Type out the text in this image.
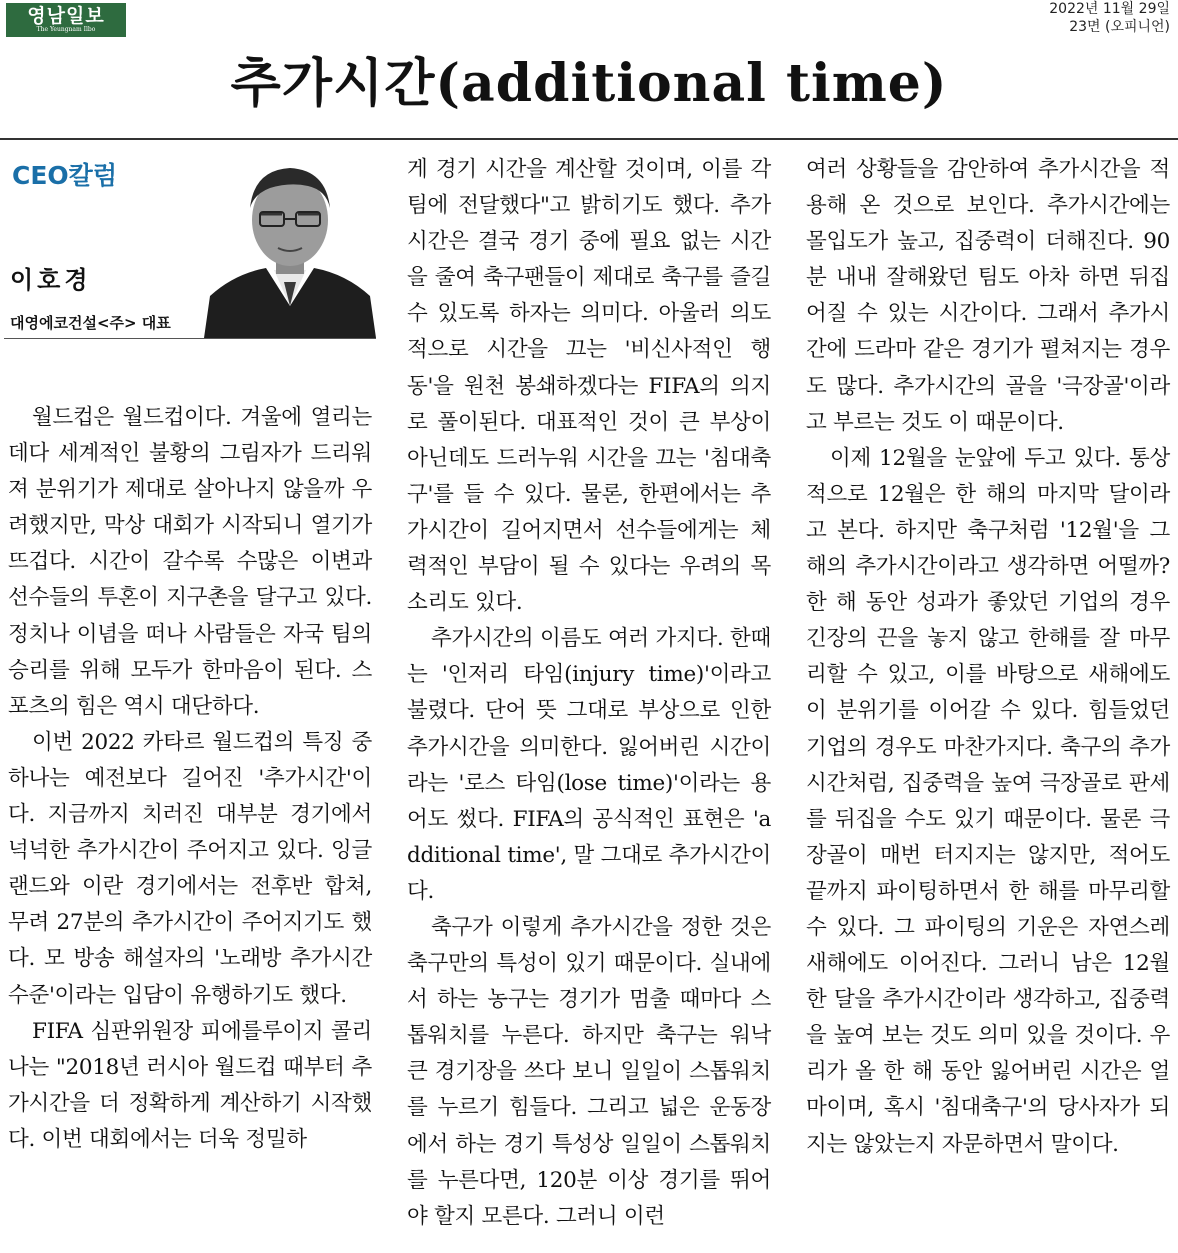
영남일보
The Yeungnam Ilbo
2022년 11월 29일
23면 (오피니언)
추가시간(additional time)
CEO칼럼
이호경
대영에코건설<주> 대표

월드컵은 월드컵이다. 겨울에 열리는 데다 세계적인 불황의 그림자가 드리워져 분위기가 제대로 살아나지 않을까 우려했지만, 막상 대회가 시작되니 열기가 뜨겁다. 시간이 갈수록 수많은 이변과 선수들의 투혼이 지구촌을 달구고 있다. 정치나 이념을 떠나 사람들은 자국 팀의 승리를 위해 모두가 한마음이 된다. 스포츠의 힘은 역시 대단하다.

이번 2022 카타르 월드컵의 특징 중 하나는 예전보다 길어진 '추가시간'이다. 지금까지 치러진 대부분 경기에서 넉넉한 추가시간이 주어지고 있다. 잉글랜드와 이란 경기에서는 전후반 합쳐, 무려 27분의 추가시간이 주어지기도 했다. 모 방송 해설자의 '노래방 추가시간 수준'이라는 입담이 유행하기도 했다.

FIFA 심판위원장 피에를루이지 콜리나는 "2018년 러시아 월드컵 때부터 추가시간을 더 정확하게 계산하기 시작했다. 이번 대회에서는 더욱 정밀하

게 경기 시간을 계산할 것이며, 이를 각 팀에 전달했다"고 밝히기도 했다. 추가시간은 결국 경기 중에 필요 없는 시간을 줄여 축구팬들이 제대로 축구를 즐길 수 있도록 하자는 의미다. 아울러 의도적으로 시간을 끄는 '비신사적인 행동'을 원천 봉쇄하겠다는 FIFA의 의지로 풀이된다. 대표적인 것이 큰 부상이 아닌데도 드러누워 시간을 끄는 '침대축구'를 들 수 있다. 물론, 한편에서는 추가시간이 길어지면서 선수들에게는 체력적인 부담이 될 수 있다는 우려의 목소리도 있다.

추가시간의 이름도 여러 가지다. 한때는 '인저리 타임(injury time)'이라고 불렸다. 단어 뜻 그대로 부상으로 인한 추가시간을 의미한다. 잃어버린 시간이라는 '로스 타임(lose time)'이라는 용어도 썼다. FIFA의 공식적인 표현은 'additional time', 말 그대로 추가시간이다.

축구가 이렇게 추가시간을 정한 것은 축구만의 특성이 있기 때문이다. 실내에서 하는 농구는 경기가 멈출 때마다 스톱워치를 누른다. 하지만 축구는 워낙 큰 경기장을 쓰다 보니 일일이 스톱워치를 누르기 힘들다. 그리고 넓은 운동장에서 하는 경기 특성상 일일이 스톱워치를 누른다면, 120분 이상 경기를 뛰어야 할지 모른다. 그러니 이런

여러 상황들을 감안하여 추가시간을 적용해 온 것으로 보인다. 추가시간에는 몰입도가 높고, 집중력이 더해진다. 90분 내내 잘해왔던 팀도 아차 하면 뒤집어질 수 있는 시간이다. 그래서 추가시간에 드라마 같은 경기가 펼쳐지는 경우도 많다. 추가시간의 골을 '극장골'이라고 부르는 것도 이 때문이다.

이제 12월을 눈앞에 두고 있다. 통상적으로 12월은 한 해의 마지막 달이라고 본다. 하지만 축구처럼 '12월'을 그 해의 추가시간이라고 생각하면 어떨까? 한 해 동안 성과가 좋았던 기업의 경우 긴장의 끈을 놓지 않고 한해를 잘 마무리할 수 있고, 이를 바탕으로 새해에도 이 분위기를 이어갈 수 있다. 힘들었던 기업의 경우도 마찬가지다. 축구의 추가시간처럼, 집중력을 높여 극장골로 판세를 뒤집을 수도 있기 때문이다. 물론 극장골이 매번 터지지는 않지만, 적어도 끝까지 파이팅하면서 한 해를 마무리할 수 있다. 그 파이팅의 기운은 자연스레 새해에도 이어진다. 그러니 남은 12월 한 달을 추가시간이라 생각하고, 집중력을 높여 보는 것도 의미 있을 것이다. 우리가 올 한 해 동안 잃어버린 시간은 얼마이며, 혹시 '침대축구'의 당사자가 되지는 않았는지 자문하면서 말이다.
